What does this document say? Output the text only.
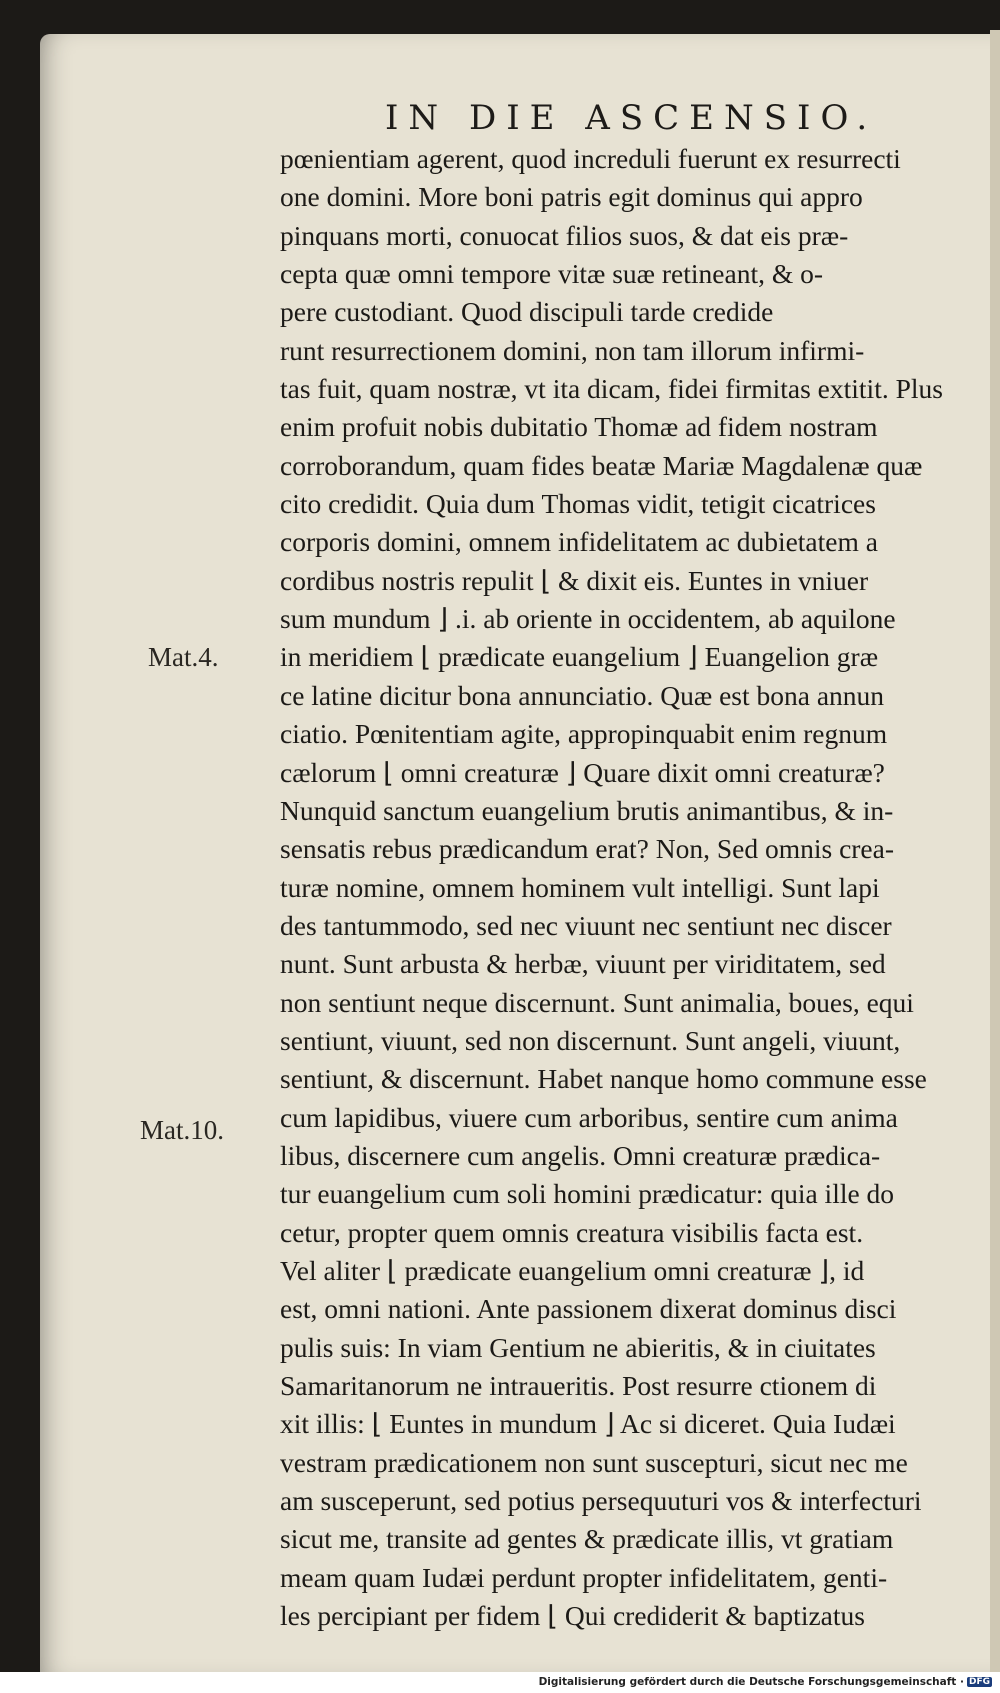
IN DIE ASCENSIO.
Mat.4.
Mat.10.
pœnientiam agerent, quod increduli fuerunt ex resurrecti
one domini. More boni patris egit dominus qui appro
pinquans morti, conuocat filios suos, & dat eis præ-
cepta quæ omni tempore vitæ suæ retineant, & o-
pere custodiant. Quod discipuli tarde credide
runt resurrectionem domini, non tam illorum infirmi-
tas fuit, quam nostræ, vt ita dicam, fidei firmitas extitit. Plus
enim profuit nobis dubitatio Thomæ ad fidem nostram
corroborandum, quam fides beatæ Mariæ Magdalenæ quæ
cito credidit. Quia dum Thomas vidit, tetigit cicatrices
corporis domini, omnem infidelitatem ac dubietatem a
cordibus nostris repulit ⌊ & dixit eis. Euntes in vniuer
sum mundum ⌋ .i. ab oriente in occidentem, ab aquilone
in meridiem ⌊ prædicate euangelium ⌋ Euangelion græ
ce latine dicitur bona annunciatio. Quæ est bona annun
ciatio. Pœnitentiam agite, appropinquabit enim regnum
cælorum ⌊ omni creaturæ ⌋ Quare dixit omni creaturæ?
Nunquid sanctum euangelium brutis animantibus, & in-
sensatis rebus prædicandum erat? Non, Sed omnis crea-
turæ nomine, omnem hominem vult intelligi. Sunt lapi
des tantummodo, sed nec viuunt nec sentiunt nec discer
nunt. Sunt arbusta & herbæ, viuunt per viriditatem, sed
non sentiunt neque discernunt. Sunt animalia, boues, equi
sentiunt, viuunt, sed non discernunt. Sunt angeli, viuunt,
sentiunt, & discernunt. Habet nanque homo commune esse
cum lapidibus, viuere cum arboribus, sentire cum anima
libus, discernere cum angelis. Omni creaturæ prædica-
tur euangelium cum soli homini prædicatur: quia ille do
cetur, propter quem omnis creatura visibilis facta est.
Vel aliter ⌊ prædicate euangelium omni creaturæ ⌋, id
est, omni nationi. Ante passionem dixerat dominus disci
pulis suis: In viam Gentium ne abieritis, & in ciuitates
Samaritanorum ne intraueritis. Post resurre ctionem di
xit illis: ⌊ Euntes in mundum ⌋ Ac si diceret. Quia Iudæi
vestram prædicationem non sunt suscepturi, sicut nec me
am susceperunt, sed potius persequuturi vos & interfecturi
sicut me, transite ad gentes & prædicate illis, vt gratiam
meam quam Iudæi perdunt propter infidelitatem, genti-
les percipiant per fidem ⌊ Qui crediderit & baptizatus
Digitalisierung gefördert durch die Deutsche Forschungsgemeinschaft · DFG
